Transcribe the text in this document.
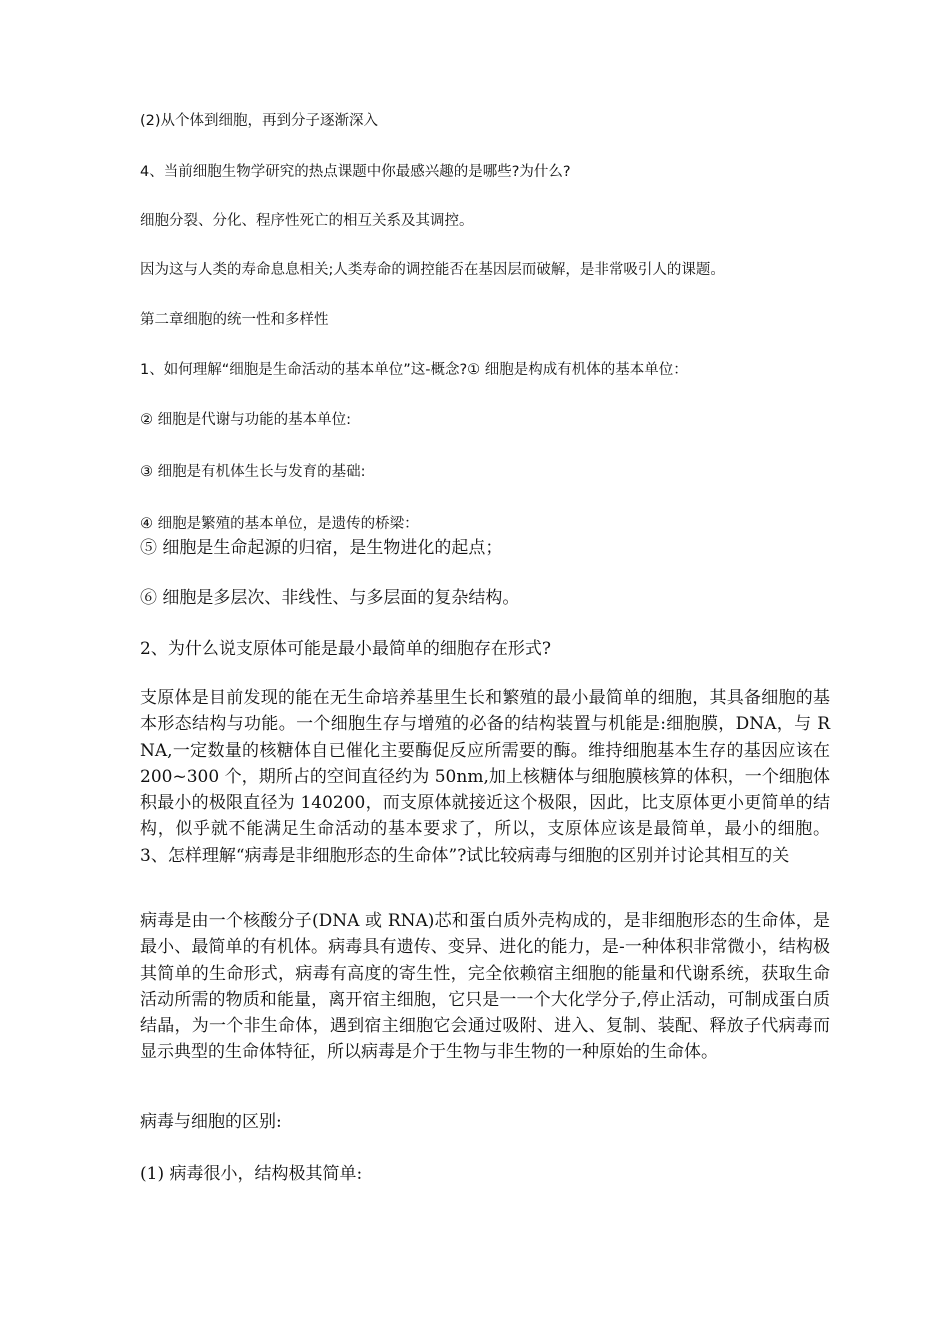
(2)从个体到细胞，再到分子逐渐深入

4、当前细胞生物学研究的热点课题中你最感兴趣的是哪些?为什么?

细胞分裂、分化、程序性死亡的相互关系及其调控。

因为这与人类的寿命息息相关;人类寿命的调控能否在基因层而破解，是非常吸引人的课题。

第二章细胞的统一性和多样性

1、如何理解“细胞是生命活动的基本单位”这-概念?① 细胞是构成有机体的基本单位：

② 细胞是代谢与功能的基本单位:

③ 细胞是有机体生长与发育的基础:

④ 细胞是繁殖的基本单位，是遗传的桥梁：

⑤ 细胞是生命起源的归宿，是生物进化的起点；

⑥ 细胞是多层次、非线性、与多层面的复杂结构。

2、为什么说支原体可能是最小最简单的细胞存在形式?

支原体是目前发现的能在无生命培养基里生长和繁殖的最小最简单的细胞，其具备细胞的基本形态结构与功能。一个细胞生存与增殖的必备的结构装置与机能是:细胞膜，DNA，与 RNA,一定数量的核糖体自已催化主要酶促反应所需要的酶。维持细胞基本生存的基因应该在 200~300 个，期所占的空间直径约为 50nm,加上核糖体与细胞膜核算的体积，一个细胞体积最小的极限直径为 140200，而支原体就接近这个极限，因此，比支原体更小更简单的结构，似乎就不能满足生命活动的基本要求了，所以，支原体应该是最简单，最小的细胞。3、怎样理解“病毒是非细胞形态的生命体”?试比较病毒与细胞的区别并讨论其相互的关

病毒是由一个核酸分子(DNA 或 RNA)芯和蛋白质外壳构成的，是非细胞形态的生命体，是最小、最简单的有机体。病毒具有遗传、变异、进化的能力，是-一种体积非常微小，结构极其简单的生命形式，病毒有高度的寄生性，完全依赖宿主细胞的能量和代谢系统，获取生命活动所需的物质和能量，离开宿主细胞，它只是一一个大化学分子,停止活动，可制成蛋白质结晶，为一个非生命体，遇到宿主细胞它会通过吸附、进入、复制、装配、释放子代病毒而显示典型的生命体特征，所以病毒是介于生物与非生物的一种原始的生命体。

病毒与细胞的区别:

(1) 病毒很小，结构极其简单:
